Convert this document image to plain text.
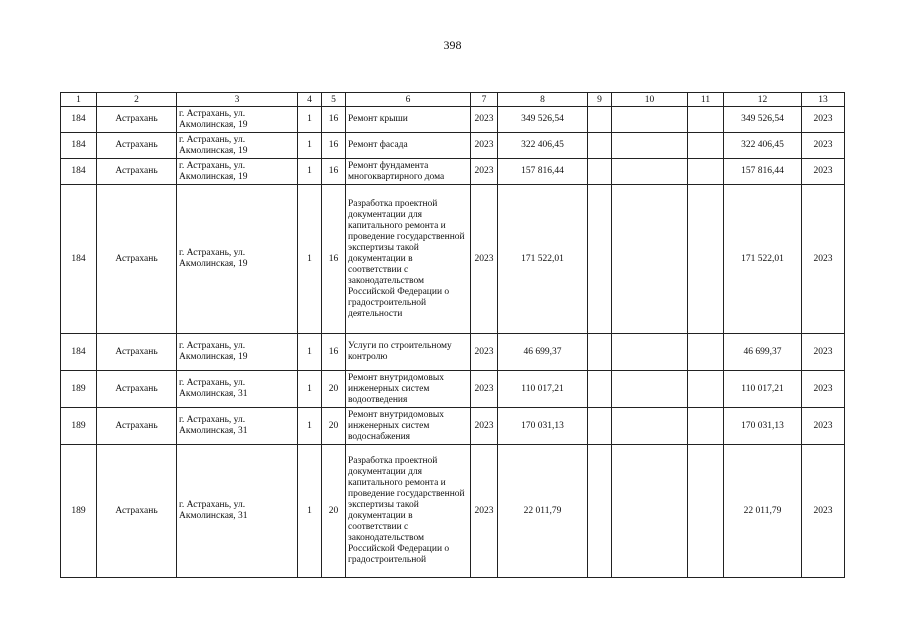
398
1	2	3	4	5	6	7	8	9	10	11	12	13
184	Астрахань	г. Астрахань, ул. Акмолинская, 19	1	16	Ремонт крыши	2023	349 526,54				349 526,54	2023
184	Астрахань	г. Астрахань, ул. Акмолинская, 19	1	16	Ремонт фасада	2023	322 406,45				322 406,45	2023
184	Астрахань	г. Астрахань, ул. Акмолинская, 19	1	16	Ремонт фундамента многоквартирного дома	2023	157 816,44				157 816,44	2023
184	Астрахань	г. Астрахань, ул. Акмолинская, 19	1	16	Разработка проектной документации для капитального ремонта и проведение государственной экспертизы такой документации в соответствии с законодательством Российской Федерации о градостроительной деятельности	2023	171 522,01				171 522,01	2023
184	Астрахань	г. Астрахань, ул. Акмолинская, 19	1	16	Услуги по строительному контролю	2023	46 699,37				46 699,37	2023
189	Астрахань	г. Астрахань, ул. Акмолинская, 31	1	20	Ремонт внутридомовых инженерных систем водоотведения	2023	110 017,21				110 017,21	2023
189	Астрахань	г. Астрахань, ул. Акмолинская, 31	1	20	Ремонт внутридомовых инженерных систем водоснабжения	2023	170 031,13				170 031,13	2023
189	Астрахань	г. Астрахань, ул. Акмолинская, 31	1	20	Разработка проектной документации для капитального ремонта и проведение государственной экспертизы такой документации в соответствии с законодательством Российской Федерации о градостроительной	2023	22 011,79				22 011,79	2023
